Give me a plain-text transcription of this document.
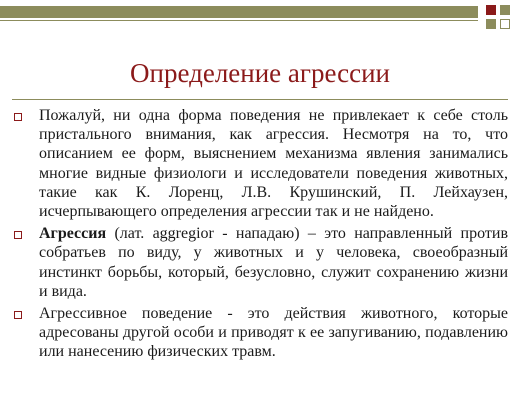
Определение агрессии
Пожалуй, ни одна форма поведения не привлекает к себе столь пристального внимания, как агрессия. Несмотря на то, что описанием ее форм, выяснением механизма явления занимались многие видные физиологи и исследователи поведения животных, такие как К. Лоренц, Л.В. Крушинский, П. Лейхаузен, исчерпывающего определения агрессии так и не найдено.
Агрессия (лат. aggregior - нападаю) – это направленный против собратьев по виду, у животных и у человека, своеобразный инстинкт борьбы, который, безусловно, служит сохранению жизни и вида.
Агрессивное поведение - это действия животного, которые адресованы другой особи и приводят к ее запугиванию, подавлению или нанесению физических травм.
